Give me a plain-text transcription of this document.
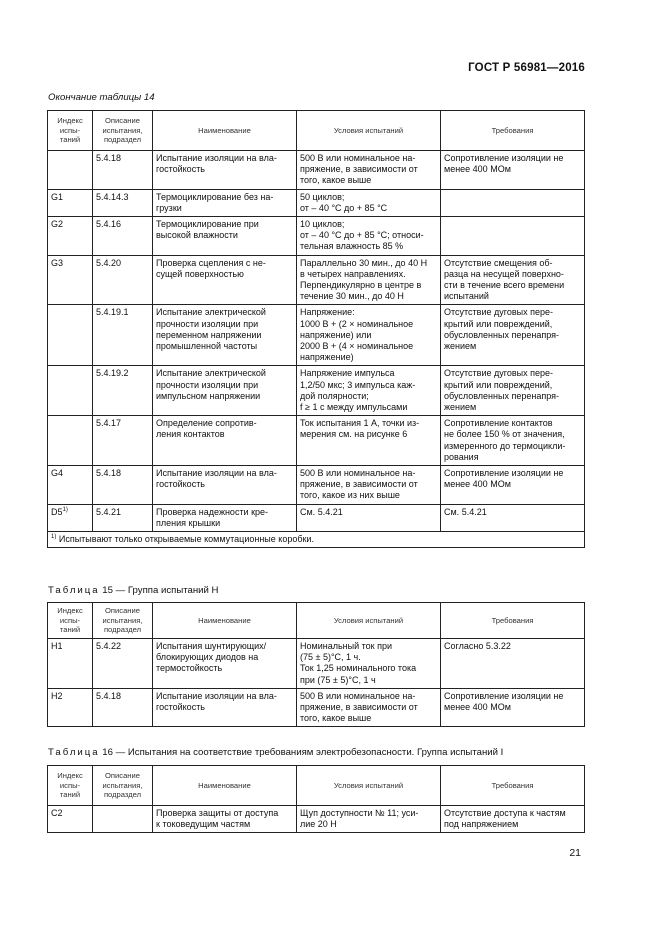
ГОСТ Р 56981—2016
Окончание таблицы 14
Индекс испы-
таний	Описание испытания, подраздел	Наименование	Условия испытаний	Требования
	5.4.18	Испытание изоляции на вла-
гостойкость	500 В или номинальное на-
пряжение, в зависимости от
того, какое выше	Сопротивление изоляции не
менее 400 МОм
G1	5.4.14.3	Термоциклирование без на-
грузки	50 циклов;
от – 40 °С до + 85 °С	
G2	5.4.16	Термоциклирование при
высокой влажности	10 циклов;
от – 40 °С до + 85 °С; относи-
тельная влажность 85 %	
G3	5.4.20	Проверка сцепления с не-
сущей поверхностью	Параллельно 30 мин., до 40 Н
в четырех направлениях.
Перпендикулярно в центре в
течение 30 мин., до 40 Н	Отсутствие смещения об-
разца на несущей поверхно-
сти в течение всего времени
испытаний
	5.4.19.1	Испытание электрической
прочности изоляции при
переменном напряжении
промышленной частоты	Напряжение:
1000 В + (2 × номинальное
напряжение) или
2000 В + (4 × номинальное
напряжение)	Отсутствие дуговых пере-
крытий или повреждений,
обусловленных перенапря-
жением
	5.4.19.2	Испытание электрической
прочности изоляции при
импульсном напряжении	Напряжение импульса
1,2/50 мкс; 3 импульса каж-
дой полярности;
f ≥ 1 с между импульсами	Отсутствие дуговых пере-
крытий или повреждений,
обусловленных перенапря-
жением
	5.4.17	Определение сопротив-
ления контактов	Ток испытания 1 А, точки из-
мерения см. на рисунке 6	Сопротивление контактов
не более 150 % от значения,
измеренного до термоцикли-
рования
G4	5.4.18	Испытание изоляции на вла-
гостойкость	500 В или номинальное на-
пряжение, в зависимости от
того, какое из них выше	Сопротивление изоляции не
менее 400 МОм
D5$^{1)}$	5.4.21	Проверка надежности кре-
пления крышки	См. 5.4.21	См. 5.4.21
$^{1)}$ Испытывают только открываемые коммутационные коробки.				
Таблица 15 — Группа испытаний Н
Индекс испы-
таний	Описание испытания, подраздел	Наименование	Условия испытаний	Требования
H1	5.4.22	Испытания шунтирующих/
блокирующих диодов на
термостойкость	Номинальный ток при
(75 ± 5)°С, 1 ч.
Ток 1,25 номинального тока
при (75 ± 5)°С, 1 ч	Согласно 5.3.22
H2	5.4.18	Испытание изоляции на вла-
гостойкость	500 В или номинальное на-
пряжение, в зависимости от
того, какое выше	Сопротивление изоляции не
менее 400 МОм
Таблица 16 — Испытания на соответствие требованиям электробезопасности. Группа испытаний I
Индекс испы-
таний	Описание испытания, подраздел	Наименование	Условия испытаний	Требования
C2		Проверка защиты от доступа
к токоведущим частям	Щуп доступности № 11; уси-
лие 20 Н	Отсутствие доступа к частям
под напряжением
21
